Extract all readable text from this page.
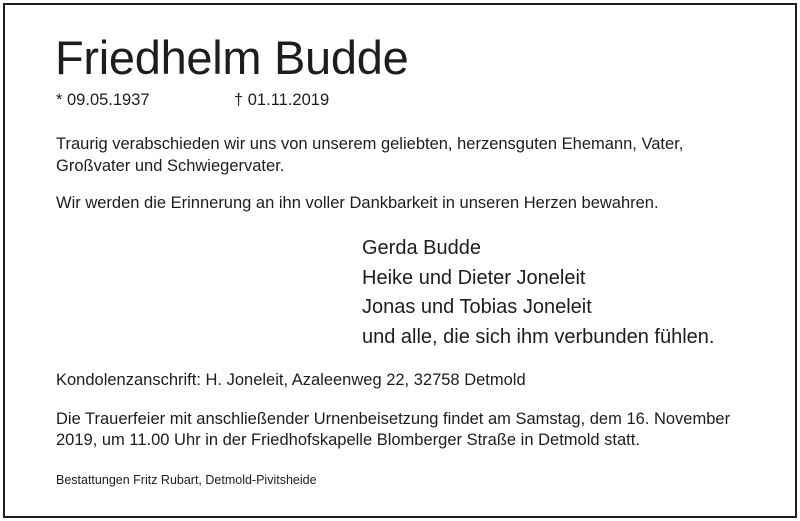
Friedhelm Budde
* 09.05.1937	† 01.11.2019

Traurig verabschieden wir uns von unserem geliebten, herzensguten Ehemann, Vater,
Großvater und Schwiegervater.

Wir werden die Erinnerung an ihn voller Dankbarkeit in unseren Herzen bewahren.

Gerda Budde
Heike und Dieter Joneleit
Jonas und Tobias Joneleit
und alle, die sich ihm verbunden fühlen.
Kondolenzanschrift: H. Joneleit, Azaleenweg 22, 32758 Detmold

Die Trauerfeier mit anschließender Urnenbeisetzung findet am Samstag, dem 16. November
2019, um 11.00 Uhr in der Friedhofskapelle Blomberger Straße in Detmold statt.

Bestattungen Fritz Rubart, Detmold-Pivitsheide
